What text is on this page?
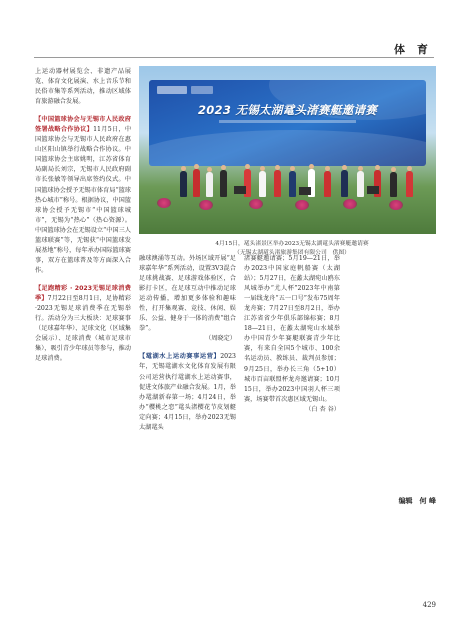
体 育

上运动器材展览会、非遗产品展览、体育文化展演、水上音乐节和民俗市集等系列活动，推动区域体育旅游融合发展。

【中国篮球协会与无锡市人民政府签署战略合作协议】11月5日，中国篮球协会与无锡市人民政府在惠山区阳山镇举行战略合作协议。中国篮球协会主席姚明，江苏省体育局副局长刘宗，无锡市人民政府副市长张敏等领导出席签约仪式。中国篮球协会授予无锡市体育局“篮球热心城市”称号。根据协议，中国篮球协会授予无锡市“中国篮球城市”，无锡为“热心”（热心资源）。中国篮球协会在无锡设立“中国三人篮球联赛”等，无锡获“中国篮球发展基地”称号，每年承办国际篮球赛事，双方在篮球普及等方面深入合作。

【足跑精彩 · 2023无锡足球消费季】7月22日至8月1日，足协精彩·2023无锡足球消费季在无锡举行。活动分为三大板块：足球赛事（足球嘉年华）、足球文化（区域集会展示）、足球消费（城市足球市集），吸引青少年球员等参与，推动足球消费。

2023 无锡太湖鼋头渚赛艇邀请赛
4月15日，鼋头渚景区举办2023无锡太湖鼋头渚赛艇邀请赛
（无锡太湖鼋头渚旅游集团有限公司　供图）

融球澳涌等互动。外场区域开展“足球嘉年华”系列活动，设置3V3混合足球挑战赛、足球游戏体验区，合影打卡区，在足球互动中推动足球运动传播，增加更多体验和趣味性，打开集观赛、竞技、休闲、娱乐、公益、健身于一体的消费“组合拳”。

（周晓定）

【鼋湖水上运动赛事运营】2023年，无锡鼋湖水文化体育发展有限公司运营执行鼋湖水上运动赛事，促进文体旅产业融合发展。1月，举办鼋湖新春第一场；4月24日，举办“樱桃之恋”鼋头渚樱花节皮划艇定向赛；4月15日，举办2023无锡太湖鼋头

渚赛艇邀请赛；5月19—21日，举办2023中国家庭帆船赛（太湖站）；5月27日，在蠡太湖宛山鸥东风城举办“尤人杯”2023年中南第一届线龙舟“五一口号”发布75周年龙舟赛；7月27日至8月2日，举办江苏省省少年俱乐部锦标赛；8月18—21日，在蠡太湖宛山水域举办中国青少年赛艇联赛青少年比赛，有来自全国5个城市、100余名运动员、教练员、裁判员参加；9月25日，举办长三角（5+10）城市百亩联盟杯龙舟邀请赛；10月15日，举办2023中国羽人杯三项赛，场赛带首次惠区域无锡山。

（白 杏 谷）

编辑　何 峰
429
